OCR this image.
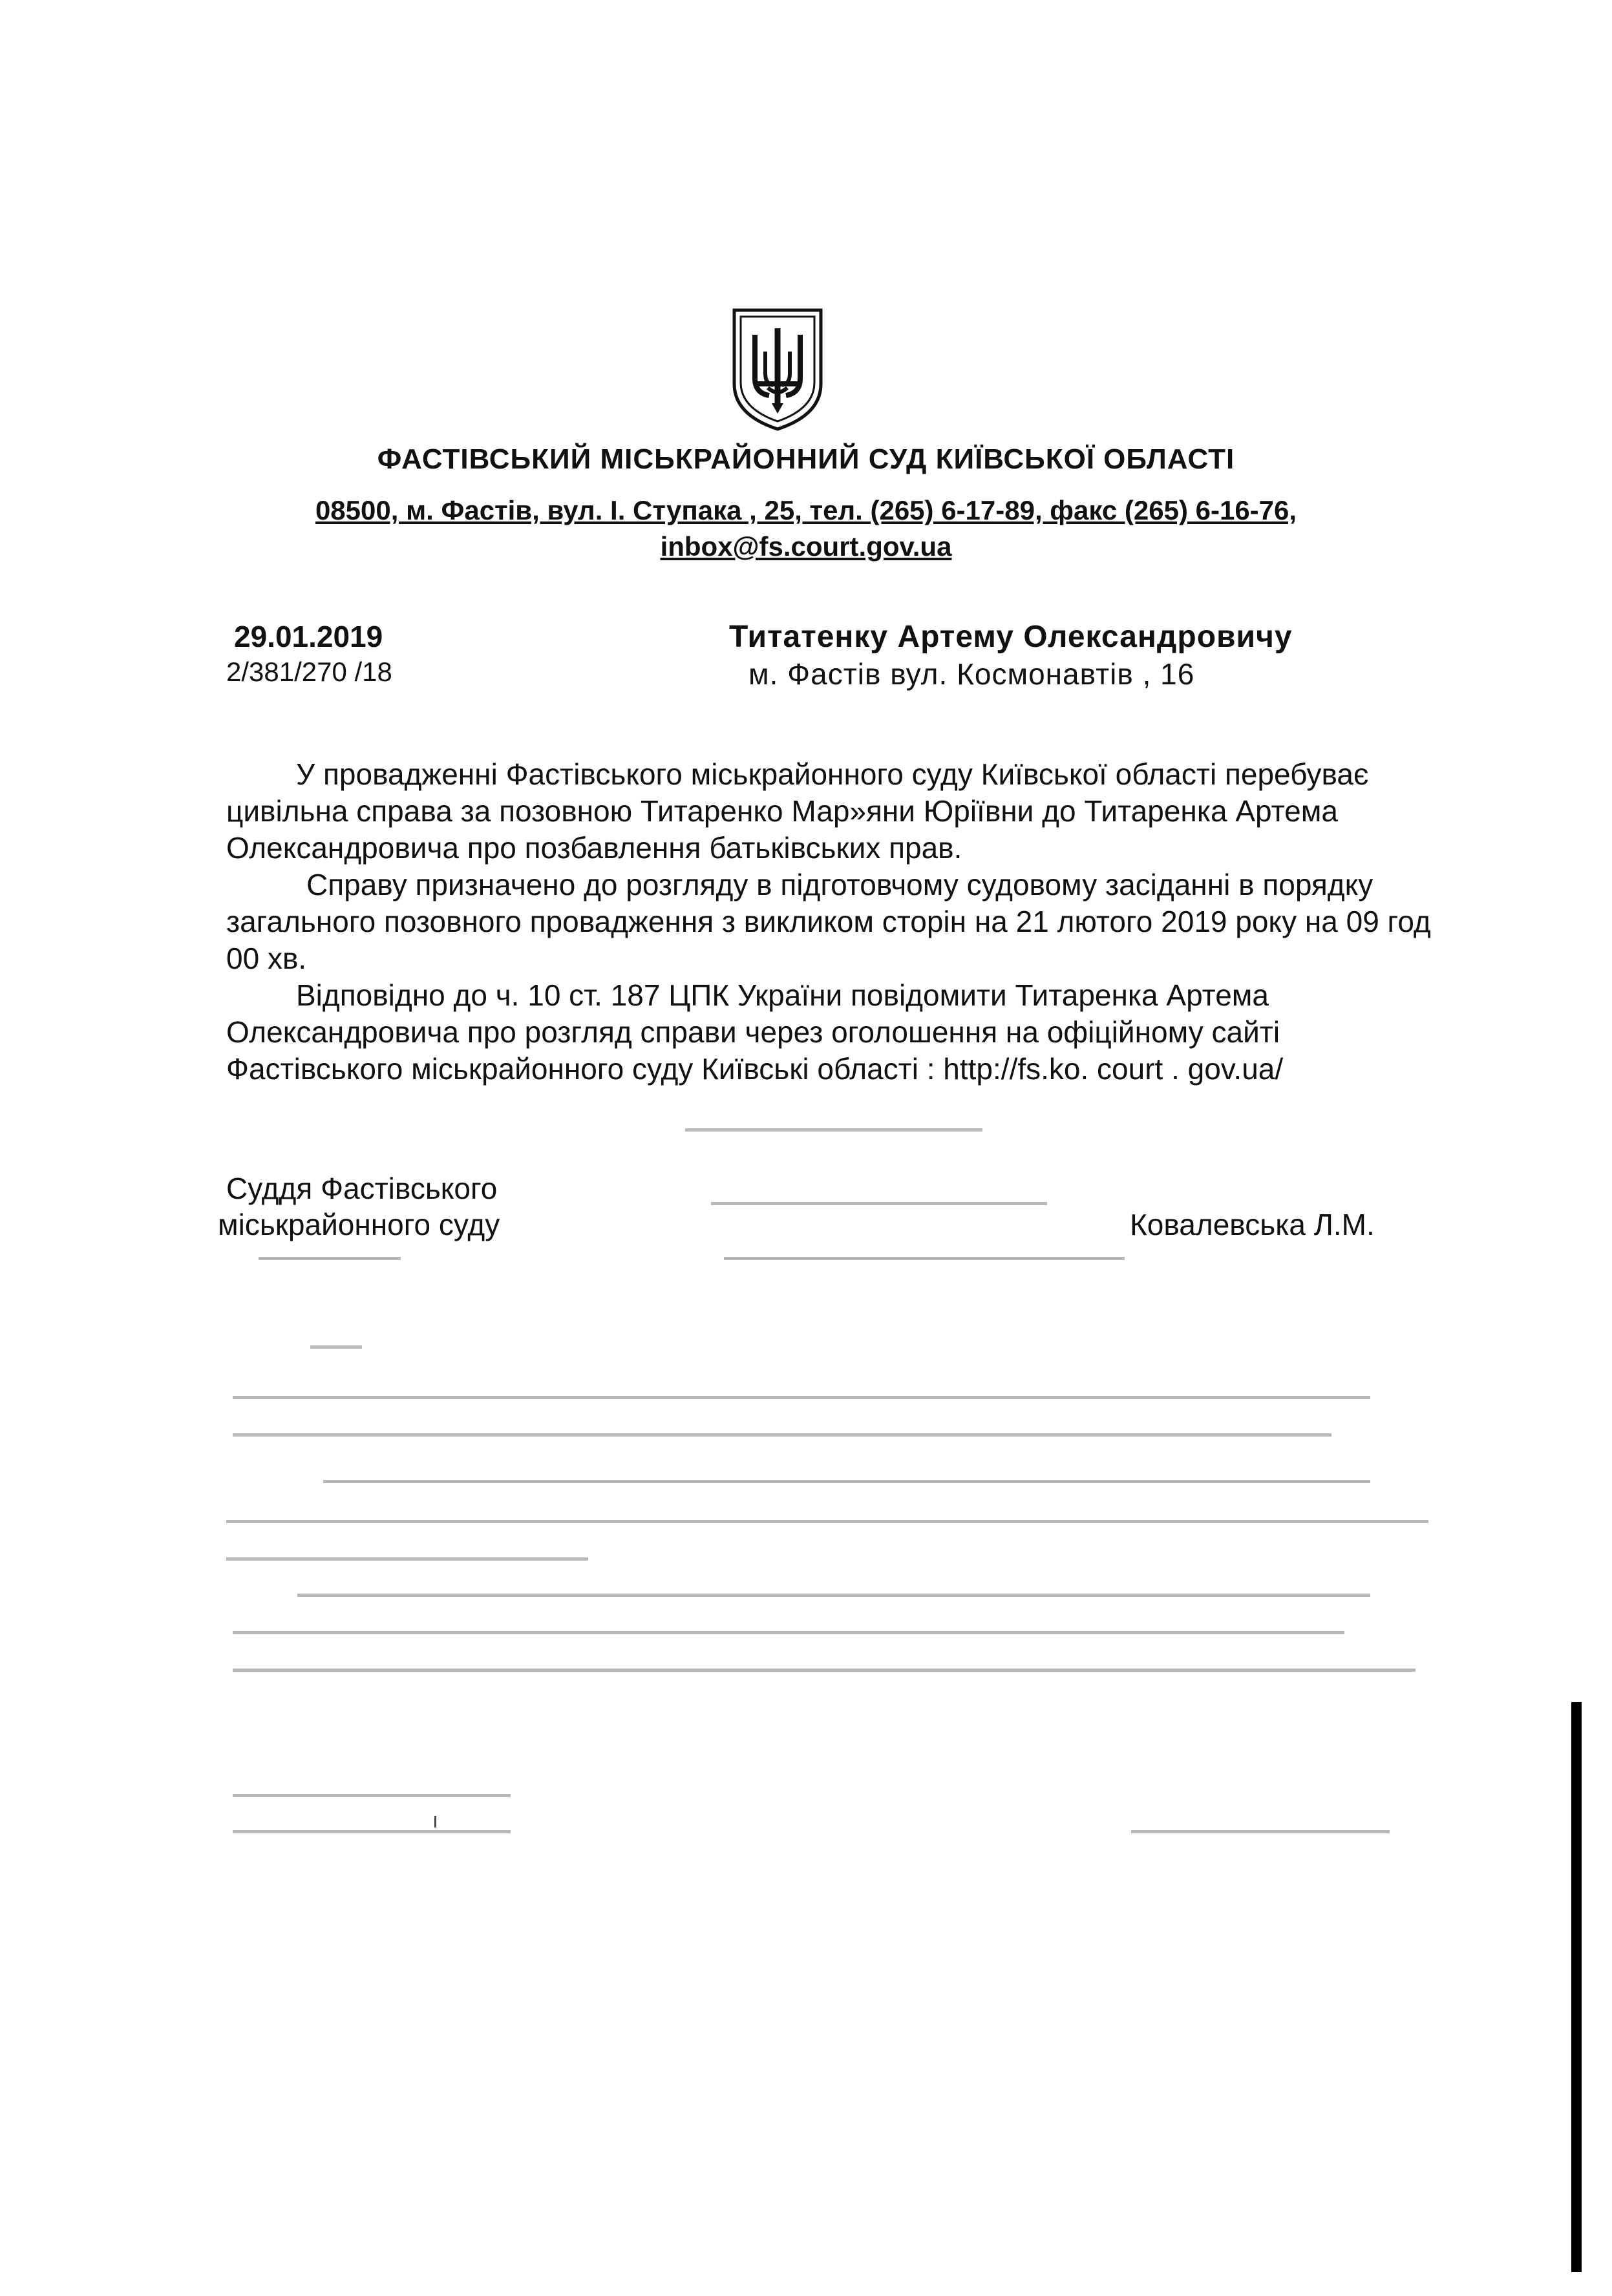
ФАСТІВСЬКИЙ МІСЬКРАЙОННИЙ СУД КИЇВСЬКОЇ ОБЛАСТІ
08500, м. Фастів, вул. І. Ступака , 25, тел. (265) 6-17-89, факс (265) 6-16-76,
inbox@fs.court.gov.ua
29.01.2019
2/381/270 /18
Титатенку Артему Олександровичу
м. Фастів вул. Космонавтів , 16
У провадженні Фастівського міськрайонного суду Київської області перебуває цивільна справа за позовною Титаренко Мар»яни Юріївни до Титаренка Артема Олександровича про позбавлення батьківських прав.
Справу призначено до розгляду в підготовчому судовому засіданні в порядку загального позовного провадження з викликом сторін на 21 лютого 2019 року на 09 год 00 хв.
Відповідно до ч. 10 ст. 187 ЦПК України повідомити Титаренка Артема Олександровича про розгляд справи через оголошення на офіційному сайті Фастівського міськрайонного суду Київські області : http://fs.ko. court . gov.ua/
Суддя Фастівського
міськрайонного суду	Ковалевська Л.М.
